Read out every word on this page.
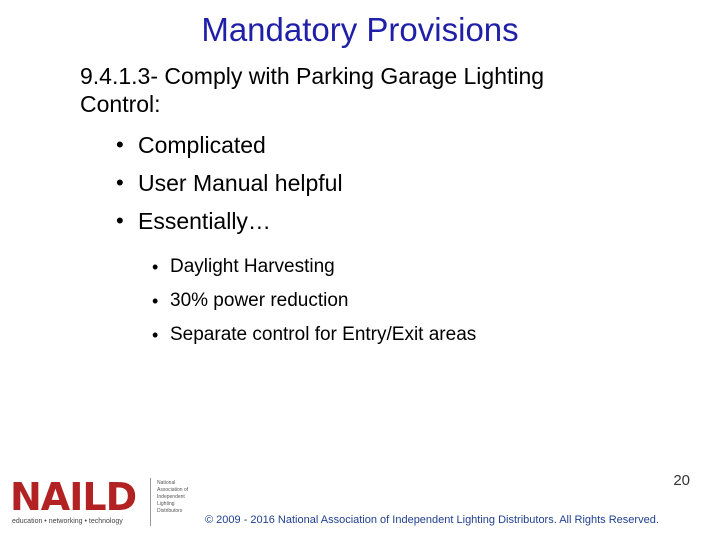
Mandatory Provisions

9.4.1.3- Comply with Parking Garage Lighting

Control:

• Complicated
• User Manual helpful
• Essentially…
• Daylight Harvesting
• 30% power reduction
• Separate control for Entry/Exit areas
20
NAILD
education • networking • technology
National Association of Independent Lighting Distributors
© 2009 - 2016 National Association of Independent Lighting Distributors. All Rights Reserved.
